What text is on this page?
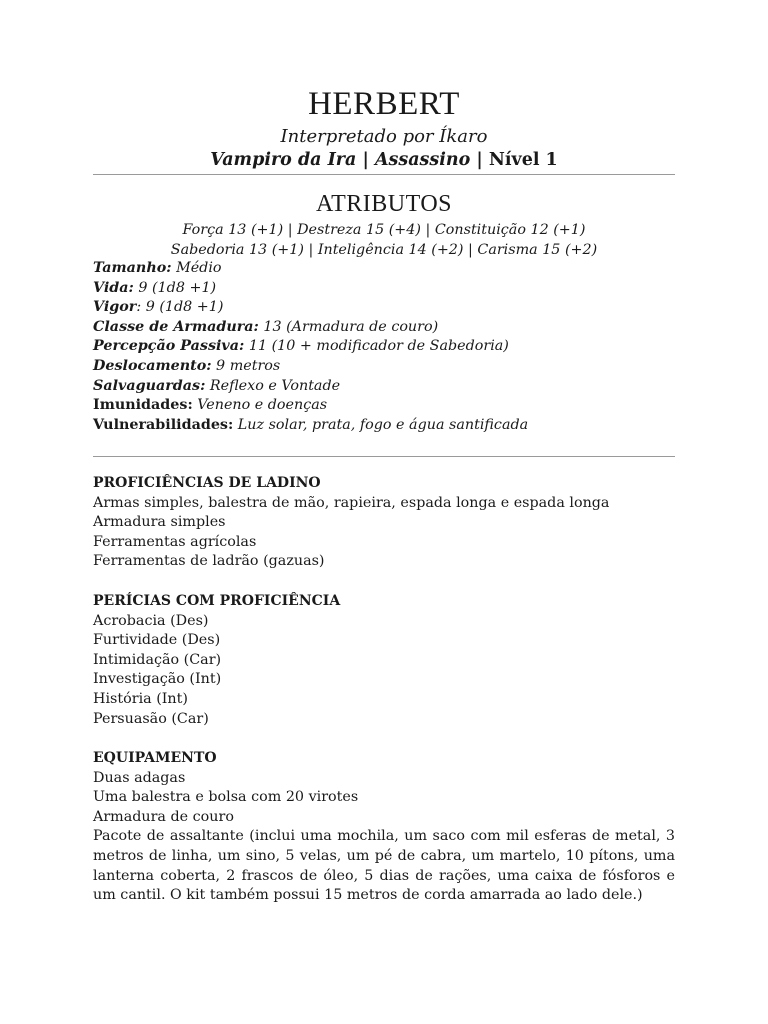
HERBERT
Interpretado por Íkaro
Vampiro da Ira | Assassino | Nível 1
ATRIBUTOS
Força 13 (+1) | Destreza 15 (+4) | Constituição 12 (+1)
Sabedoria 13 (+1) | Inteligência 14 (+2) | Carisma 15 (+2)
Tamanho: Médio
Vida: 9 (1d8 +1)
Vigor: 9 (1d8 +1)
Classe de Armadura: 13 (Armadura de couro)
Percepção Passiva: 11 (10 + modificador de Sabedoria)
Deslocamento: 9 metros
Salvaguardas: Reflexo e Vontade
Imunidades: Veneno e doenças
Vulnerabilidades: Luz solar, prata, fogo e água santificada
PROFICIÊNCIAS DE LADINO
Armas simples, balestra de mão, rapieira, espada longa e espada longa
Armadura simples
Ferramentas agrícolas
Ferramentas de ladrão (gazuas)
PERÍCIAS COM PROFICIÊNCIA
Acrobacia (Des)
Furtividade (Des)
Intimidação (Car)
Investigação (Int)
História (Int)
Persuasão (Car)
EQUIPAMENTO
Duas adagas
Uma balestra e bolsa com 20 virotes
Armadura de couro
Pacote de assaltante (inclui uma mochila, um saco com mil esferas de metal, 3 metros de linha, um sino, 5 velas, um pé de cabra, um martelo, 10 pítons, uma lanterna coberta, 2 frascos de óleo, 5 dias de rações, uma caixa de fósforos e um cantil. O kit também possui 15 metros de corda amarrada ao lado dele.)
